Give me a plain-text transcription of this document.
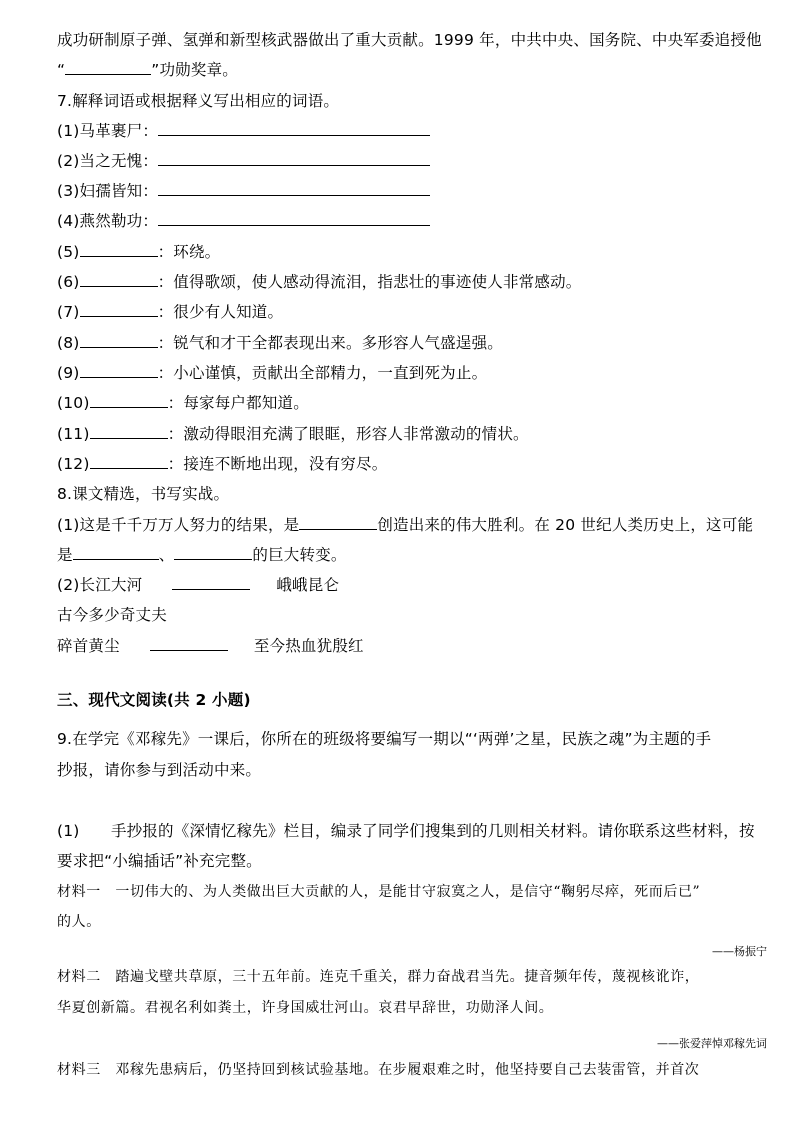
成功研制原子弹、氢弹和新型核武器做出了重大贡献。1999 年，中共中央、国务院、中央军委追授他
“	”功勋奖章。
7.解释词语或根据释义写出相应的词语。
(1)马革裹尸：
(2)当之无愧：
(3)妇孺皆知：
(4)燕然勒功：
(5)	：环绕。
(6)	：值得歌颂，使人感动得流泪，指悲壮的事迹使人非常感动。
(7)	：很少有人知道。
(8)	：锐气和才干全都表现出来。多形容人气盛逞强。
(9)	：小心谨慎，贡献出全部精力，一直到死为止。
(10)	：每家每户都知道。
(11)	：激动得眼泪充满了眼眶，形容人非常激动的情状。
(12)	：接连不断地出现，没有穷尽。
8.课文精选，书写实战。
(1)这是千千万万人努力的结果，是	创造出来的伟大胜利。在 20 世纪人类历史上，这可能
是	、	的巨大转变。
(2)长江大河	峨峨昆仑
古今多少奇丈夫
碎首黄尘	至今热血犹殷红
三、现代文阅读(共 2 小题)
9.在学完《邓稼先》一课后，你所在的班级将要编写一期以“‘两弹’之星，民族之魂”为主题的手
抄报，请你参与到活动中来。
(1)　　手抄报的《深情忆稼先》栏目，编录了同学们搜集到的几则相关材料。请你联系这些材料，按
要求把“小编插话”补充完整。
材料一　一切伟大的、为人类做出巨大贡献的人，是能甘守寂寞之人，是信守“鞠躬尽瘁，死而后已”
的人。
——杨振宁
材料二　踏遍戈壁共草原，三十五年前。连克千重关，群力奋战君当先。捷音频年传，蔑视核讹诈，
华夏创新篇。君视名利如粪土，许身国威壮河山。哀君早辞世，功勋泽人间。
——张爱萍悼邓稼先词
材料三　邓稼先患病后，仍坚持回到核试验基地。在步履艰难之时，他坚持要自己去装雷管，并首次
